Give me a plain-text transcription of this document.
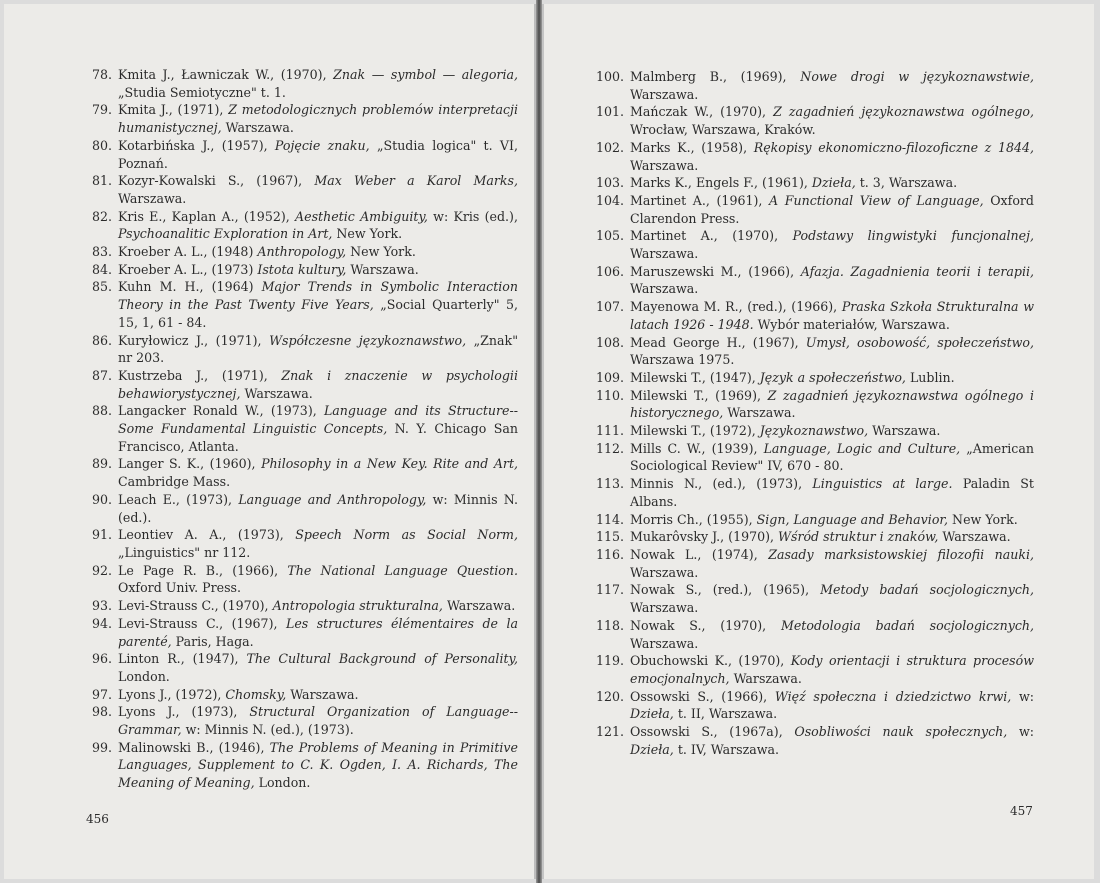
78. Kmita J., Ławniczak W., (1970), Znak — symbol — alegoria, „Studia Semiotyczne" t. 1.
79. Kmita J., (1971), Z metodologicznych problemów interpretacji humanistycznej, Warszawa.
80. Kotarbińska J., (1957), Pojęcie znaku, „Studia logica" t. VI, Poznań.
81. Kozyr-Kowalski S., (1967), Max Weber a Karol Marks, Warszawa.
82. Kris E., Kaplan A., (1952), Aesthetic Ambiguity, w: Kris (ed.), Psychoanalitic Exploration in Art, New York.
83. Kroeber A. L., (1948) Anthropology, New York.
84. Kroeber A. L., (1973) Istota kultury, Warszawa.
85. Kuhn M. H., (1964) Major Trends in Symbolic Interaction Theory in the Past Twenty Five Years, „Social Quarterly" 5, 15, 1, 61 - 84.
86. Kuryłowicz J., (1971), Współczesne językoznawstwo, „Znak" nr 203.
87. Kustrzeba J., (1971), Znak i znaczenie w psychologii behawiorystycznej, Warszawa.
88. Langacker Ronald W., (1973), Language and its Structure--Some Fundamental Linguistic Concepts, N. Y. Chicago San Francisco, Atlanta.
89. Langer S. K., (1960), Philosophy in a New Key. Rite and Art, Cambridge Mass.
90. Leach E., (1973), Language and Anthropology, w: Minnis N. (ed.).
91. Leontiev A. A., (1973), Speech Norm as Social Norm, „Linguistics" nr 112.
92. Le Page R. B., (1966), The National Language Question. Oxford Univ. Press.
93. Levi-Strauss C., (1970), Antropologia strukturalna, Warszawa.
94. Levi-Strauss C., (1967), Les structures élémentaires de la parenté, Paris, Haga.
96. Linton R., (1947), The Cultural Background of Personality, London.
97. Lyons J., (1972), Chomsky, Warszawa.
98. Lyons J., (1973), Structural Organization of Language--Grammar, w: Minnis N. (ed.), (1973).
99. Malinowski B., (1946), The Problems of Meaning in Primitive Languages, Supplement to C. K. Ogden, I. A. Richards, The Meaning of Meaning, London.
456
100. Malmberg B., (1969), Nowe drogi w językoznawstwie, Warszawa.
101. Mańczak W., (1970), Z zagadnień językoznawstwa ogólnego, Wrocław, Warszawa, Kraków.
102. Marks K., (1958), Rękopisy ekonomiczno-filozoficzne z 1844, Warszawa.
103. Marks K., Engels F., (1961), Dzieła, t. 3, Warszawa.
104. Martinet A., (1961), A Functional View of Language, Oxford Clarendon Press.
105. Martinet A., (1970), Podstawy lingwistyki funcjonalnej, Warszawa.
106. Maruszewski M., (1966), Afazja. Zagadnienia teorii i terapii, Warszawa.
107. Mayenowa M. R., (red.), (1966), Praska Szkoła Strukturalna w latach 1926 - 1948. Wybór materiałów, Warszawa.
108. Mead George H., (1967), Umysł, osobowość, społeczeństwo, Warszawa 1975.
109. Milewski T., (1947), Język a społeczeństwo, Lublin.
110. Milewski T., (1969), Z zagadnień językoznawstwa ogólnego i historycznego, Warszawa.
111. Milewski T., (1972), Językoznawstwo, Warszawa.
112. Mills C. W., (1939), Language, Logic and Culture, „American Sociological Review" IV, 670 - 80.
113. Minnis N., (ed.), (1973), Linguistics at large. Paladin St Albans.
114. Morris Ch., (1955), Sign, Language and Behavior, New York.
115. Mukarôvsky J., (1970), Wśród struktur i znaków, Warszawa.
116. Nowak L., (1974), Zasady marksistowskiej filozofii nauki, Warszawa.
117. Nowak S., (red.), (1965), Metody badań socjologicznych, Warszawa.
118. Nowak S., (1970), Metodologia badań socjologicznych, Warszawa.
119. Obuchowski K., (1970), Kody orientacji i struktura procesów emocjonalnych, Warszawa.
120. Ossowski S., (1966), Więź społeczna i dziedzictwo krwi, w: Dzieła, t. II, Warszawa.
121. Ossowski S., (1967a), Osobliwości nauk społecznych, w: Dzieła, t. IV, Warszawa.
457
